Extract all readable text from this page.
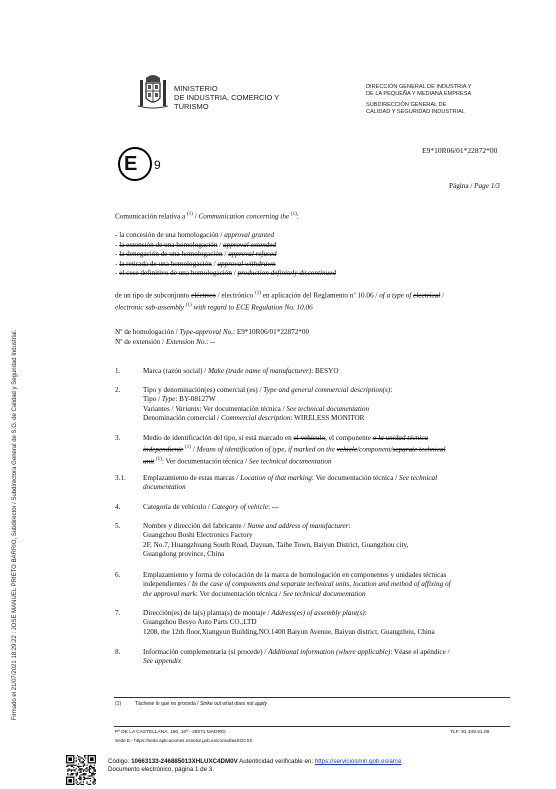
Firmado el 21/07/2021 18:29:22 : JOSE MANUEL PRIETO BARRIO, Subdirector / Subdirectora General de S.G. de Calidad y Seguridad Industrial.
MINISTERIO
DE INDUSTRIA, COMERCIO Y
TURISMO
DIRECCIÓN GENERAL DE INDUSTRIA Y
DE LA PEQUEÑA Y MEDIANA EMPRESA
SUBDIRECCIÓN GENERAL DE
CALIDAD Y SEGURIDAD INDUSTRIAL
E 9
E9*10R06/01*22872*00
Página / Page 1/3
Comunicación relativa a $^{(1)}$ / Communication concerning the $^{(1)}$:
- la concesión de una homologación / approval granted
- la extensión de una homologación / approval extended
- la denegación de una homologación / approval refused
- la retirada de una homologación / approval withdrawn
- el cese definitivo de una homologación / production definitely discontinued
de un tipo de subconjunto eléctrico / electrónico $^{(1)}$ en aplicación del Reglamento nº 10.06 / of a type of electrical /
electronic sub-assembly $^{(1)}$ with regard to ECE Regulation No. 10.06
Nº de homologación / Type-approval No.: E9*10R06/01*22872*00
Nº de extensión / Extension No.: --
1.	Marca (razón social) / Make (trade name of manufacturer): BESYO
2.	Tipo y denominación(es) comercial (es) / Type and general commercial description(s):
Tipo / Type: BY-08127W
Variantes / Variants: Ver documentación técnica / See technical documentation
Denominación comercial / Commercial description: WIRELESS MONITOR
3.	Medio de identificación del tipo, si está marcado en el vehículo, el componente o la unidad técnica
independiente $^{(1)}$ / Means of identification of type, if marked on the vehicle/component/separate technical
unit $^{(1)}$: Ver documentación técnica / See technical documentation
3.1. Emplazamiento de estas marcas / Location of that marking: Ver documentación técnica / See technical
documentation
4.	Categoría de vehículo / Category of vehicle: ---
5.	Nombre y dirección del fabricante / Name and address of manufacturer:
Guangzhou Boshi Electronics Factory
2F, No.7, Huangzhuang South Road, Dayuan, Taihe Town, Baiyun District, Guangzhou city,
Guangdong province, China
6.	Emplazamiento y forma de colocación de la marca de homologación en componentes y unidades técnicas
independientes / In the case of components and separate technical units, location and method of affixing of
the approval mark: Ver documentación técnica / See technical documentation
7.	Dirección(es) de la(s) planta(s) de montaje / Address(es) of assembly plant(s):
Guangzhou Besyo Auto Parts CO.,LTD
1208, the 12th floor,Xiangyun Building,NO.1400 Baiyun Avenue, Baiyun district, Guangzhou, China
8.	Información complementaria (si procede) / Additional information (where applicable): Véase el apéndice /
See appendix
(1)	Táchese lo que no proceda / Strike out what does not apply
Pº DE LA CASTELLANA, 160, 16ª - 28071 MADRID	TLF: 91 349.51.08
Sede E.- https://sede.aplicaciones.minetur.gob.es/consultasSGCSI/
Código: 10663133-246885013XHLUXC4DM0V Autenticidad verificable en: https://serviciosmin.gob.es/arce
Documento electrónico, página 1 de 3.
